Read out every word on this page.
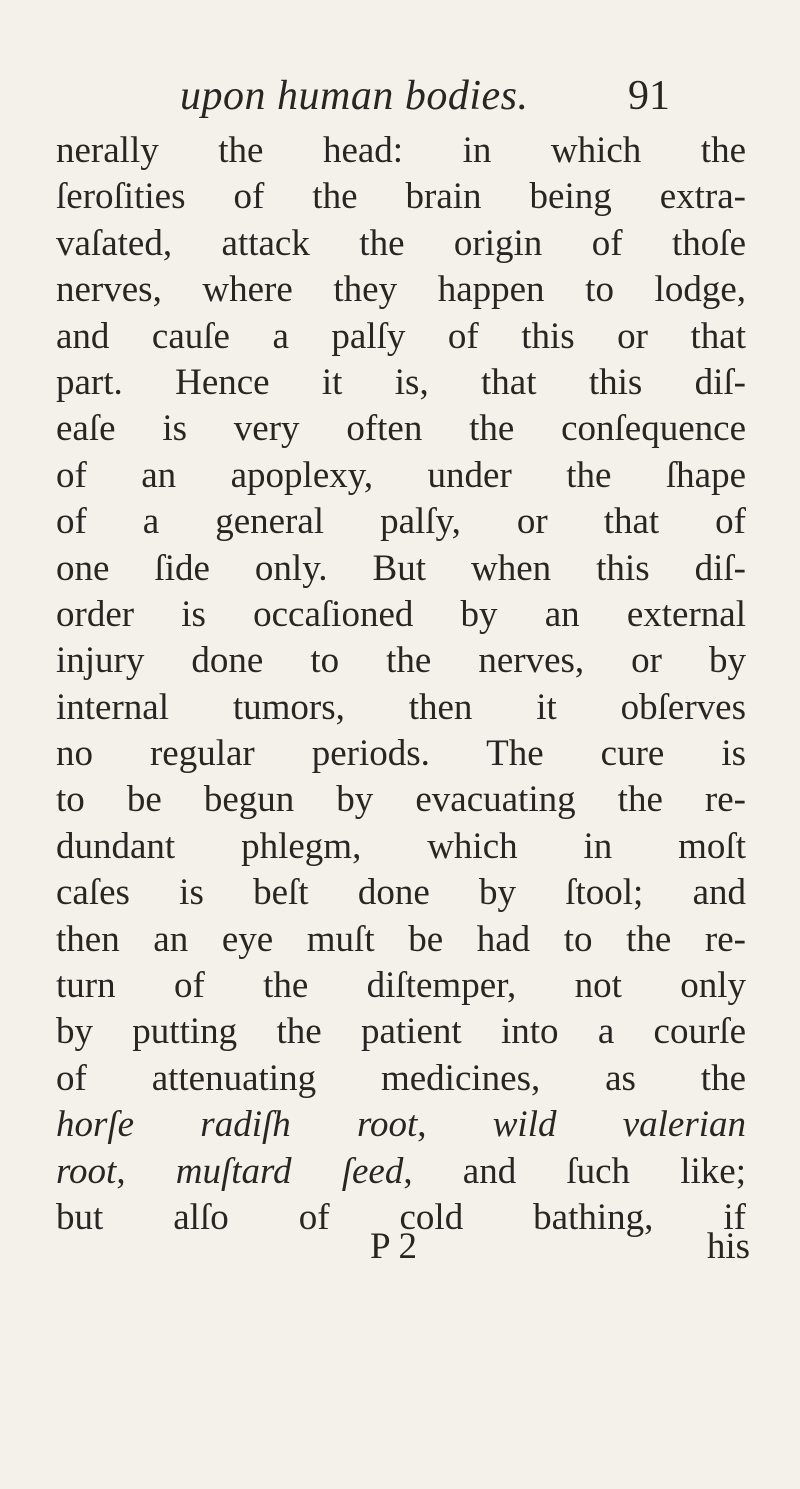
upon human bodies. 91
nerally the head: in which the
ſeroſities of the brain being extra-
vaſated, attack the origin of thoſe
nerves, where they happen to lodge,
and cauſe a palſy of this or that
part. Hence it is, that this diſ-
eaſe is very often the conſequence
of an apoplexy, under the ſhape
of a general palſy, or that of
one ſide only. But when this diſ-
order is occaſioned by an external
injury done to the nerves, or by
internal tumors, then it obſerves
no regular periods. The cure is
to be begun by evacuating the re-
dundant phlegm, which in moſt
caſes is beſt done by ſtool; and
then an eye muſt be had to the re-
turn of the diſtemper, not only
by putting the patient into a courſe
of attenuating medicines, as the
horſe radiſh root, wild valerian
root, muſtard ſeed, and ſuch like;
but alſo of cold bathing, if
P 2	his
